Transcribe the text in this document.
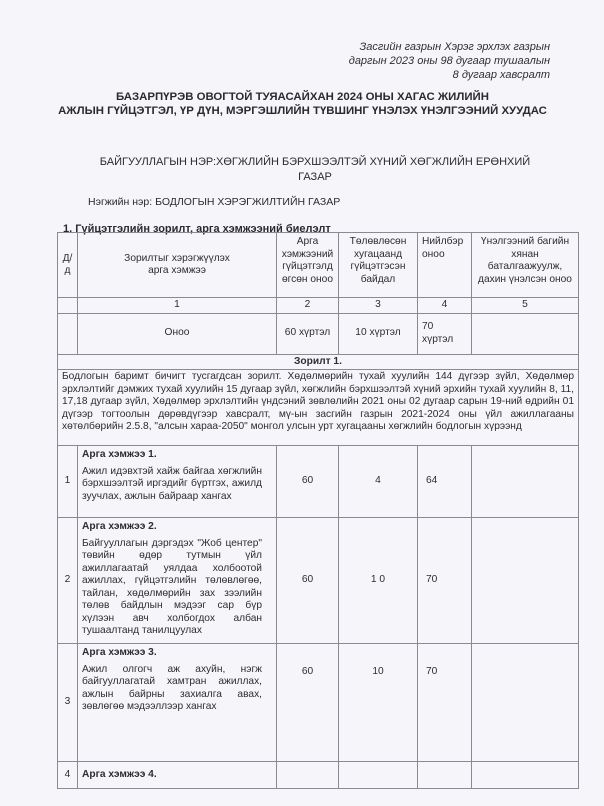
Засгийн газрын Хэрэг эрхлэх газрын
даргын 2023 оны 98 дугаар тушаалын
8 дугаар хавсралт
БАЗАРПҮРЭВ ОВОГТОЙ ТУЯАСАЙХАН 2024 ОНЫ ХАГАС ЖИЛИЙН
АЖЛЫН ГҮЙЦЭТГЭЛ, ҮР ДҮН, МЭРГЭШЛИЙН ТҮВШИНГ ҮНЭЛЭХ ҮНЭЛГЭЭНИЙ ХУУДАС
БАЙГУУЛЛАГЫН НЭР:ХӨГЖЛИЙН БЭРХШЭЭЛТЭЙ ХҮНИЙ ХӨГЖЛИЙН ЕРӨНХИЙ
ГАЗАР
Нэгжийн нэр: БОДЛОГЫН ХЭРЭГЖИЛТИЙН ГАЗАР
1. Гүйцэтгэлийн зорилт, арга хэмжээний биелэлт
Д/д	Зорилтыг хэрэгжүүлэх арга хэмжээ	Арга хэмжээний гүйцэтгэлд өгсөн оноо	Төлөвлөсөн хугацаанд гүйцэтгэсэн байдал	Нийлбэр оноо	Үнэлгээний багийн хянан баталгаажуулж, дахин үнэлсэн оноо
	1	2	3	4	5
	Оноо	60 хүртэл	10 хүртэл	70 хүртэл	
Зорилт 1.					
Бодлогын баримт бичигт тусгагдсан зорилт. Хөдөлмөрийн тухай хуулийн 144 дүгээр зүйл, Хөдөлмөр эрхлэлтийг дэмжих тухай хуулийн 15 дугаар зүйл, хөгжлийн бэрхшээлтэй хүний эрхийн тухай хуулийн 8, 11, 17,18 дугаар зүйл, Хөдөлмөр эрхлэлтийн үндсэний зөвлөлийн 2021 оны 02 дугаар сарын 19-ний өдрийн 01 дүгээр тогтоолын дөрөвдүгээр хавсралт, мү-ын засгийн газрын 2021-2024 оны үйл ажиллагааны хөтөлбөрийн 2.5.8, "алсын хараа-2050" монгол улсын урт хугацааны хөгжлийн бодлогын хүрээнд					
1	Арга хэмжээ 1.
Ажил идэвхтэй хайж байгаа хөгжлийн бэрхшээлтэй иргэдийг бүртгэх, ажилд зуучлах, ажлын байраар хангах	60	4	64	
2	Арга хэмжээ 2.
Байгууллагын дэргэдэх "Жоб центер" төвийн өдөр тутмын үйл ажиллагаатай уялдаа холбоотой ажиллах, гүйцэтгэлийн төлөвлөгөө, тайлан, хөдөлмөрийн зах зээлийн төлөв байдлын мэдээг сар бүр хүлээн авч холбогдох албан тушаалтанд танилцуулах	60	1 0	70	
3	Арга хэмжээ 3.
Ажил олгогч аж ахуйн, нэгж байгууллагатай хамтран ажиллах, ажлын байрны захиалга авах, зөвлөгөө мэдээллээр хангах	60	10	70	
4	Арга хэмжээ 4.				
